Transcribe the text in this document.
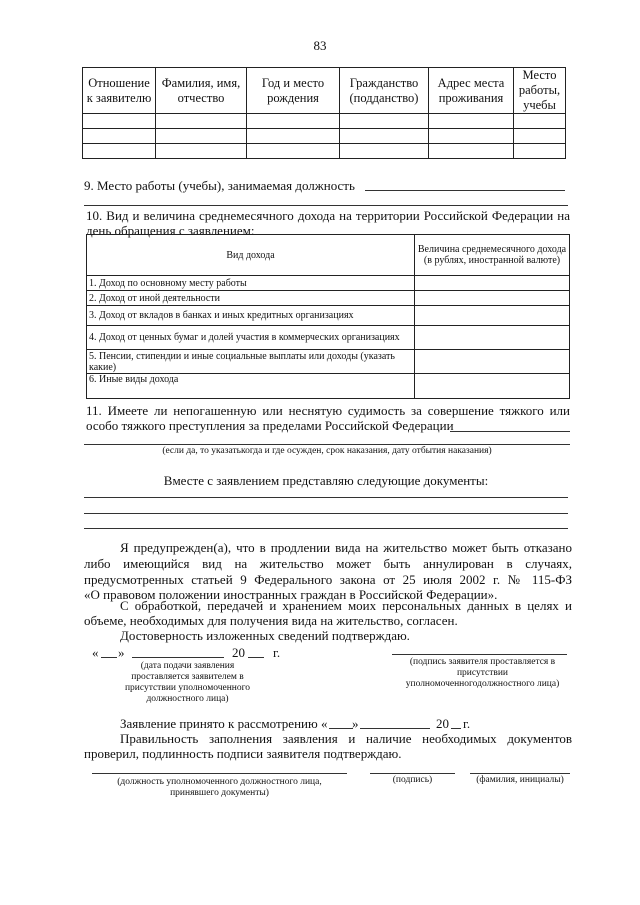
83
Отношение к заявителю	Фамилия, имя, отчество	Год и место рождения	Гражданство (подданство)	Адрес места проживания	Место работы, учебы

9. Место работы (учебы), занимаемая должность
10. Вид и величина среднемесячного дохода на территории Российской Федерации на
день обращения с заявлением:
Вид дохода	Величина среднемесячного дохода (в рублях, иностранной валюте)
1. Доход по основному месту работы	
2. Доход от иной деятельности	
3. Доход от вкладов в банках и иных кредитных организациях	
4. Доход от ценных бумаг и долей участия в коммерческих организациях	
5. Пенсии, стипендии и иные социальные выплаты или доходы (указать какие)	
6. Иные виды дохода	
11. Имеете ли непогашенную или неснятую судимость за совершение тяжкого или
особо тяжкого преступления за пределами Российской Федерации
(если да, то указатькогда и где осужден, срок наказания, дату отбытия наказания)
Вместе с заявлением представляю следующие документы:
Я предупрежден(а), что в продлении вида на жительство может быть отказано
либо имеющийся вид на жительство может быть аннулирован в случаях,
предусмотренных статьей 9 Федерального закона от 25 июля 2002 г. № 115-ФЗ
«О правовом положении иностранных граждан в Российской Федерации».
С обработкой, передачей и хранением моих персональных данных в целях и
объеме, необходимых для получения вида на жительство, согласен.
Достоверность изложенных сведений подтверждаю.
« »	20 г.
(дата подачи заявления проставляется заявителем в присутствии уполномоченного должностного лица)
(подпись заявителя проставляется в присутствии уполномоченногодолжностного лица)
Заявление принято к рассмотрению « »	20 г.
Правильность заполнения заявления и наличие необходимых документов
проверил, подлинность подписи заявителя подтверждаю.
(должность уполномоченного должностного лица, принявшего документы)
(подпись)	(фамилия, инициалы)
